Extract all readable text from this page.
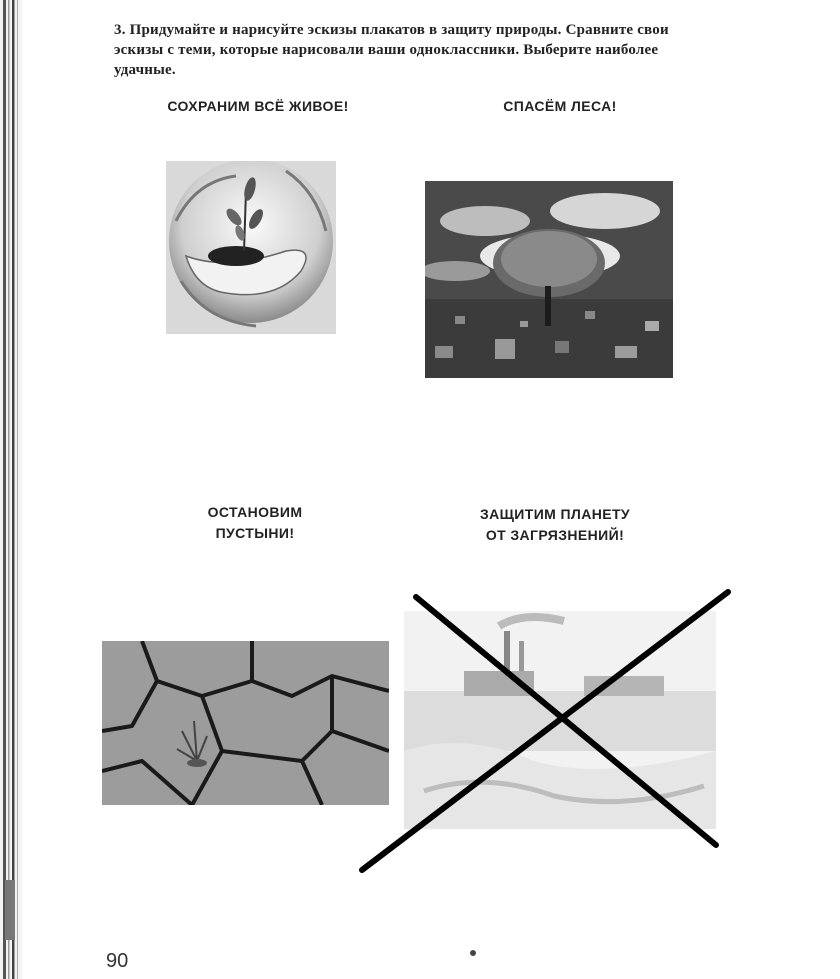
3. Придумайте и нарисуйте эскизы плакатов в защиту природы. Сравните свои эскизы с теми, которые нарисовали ваши одноклассники. Выберите наиболее удачные.
СОХРАНИМ ВСЁ ЖИВОЕ!	СПАСЁМ ЛЕСА!
ОСТАНОВИМ
ПУСТЫНИ!
ЗАЩИТИМ ПЛАНЕТУ
ОТ ЗАГРЯЗНЕНИЙ!
90
